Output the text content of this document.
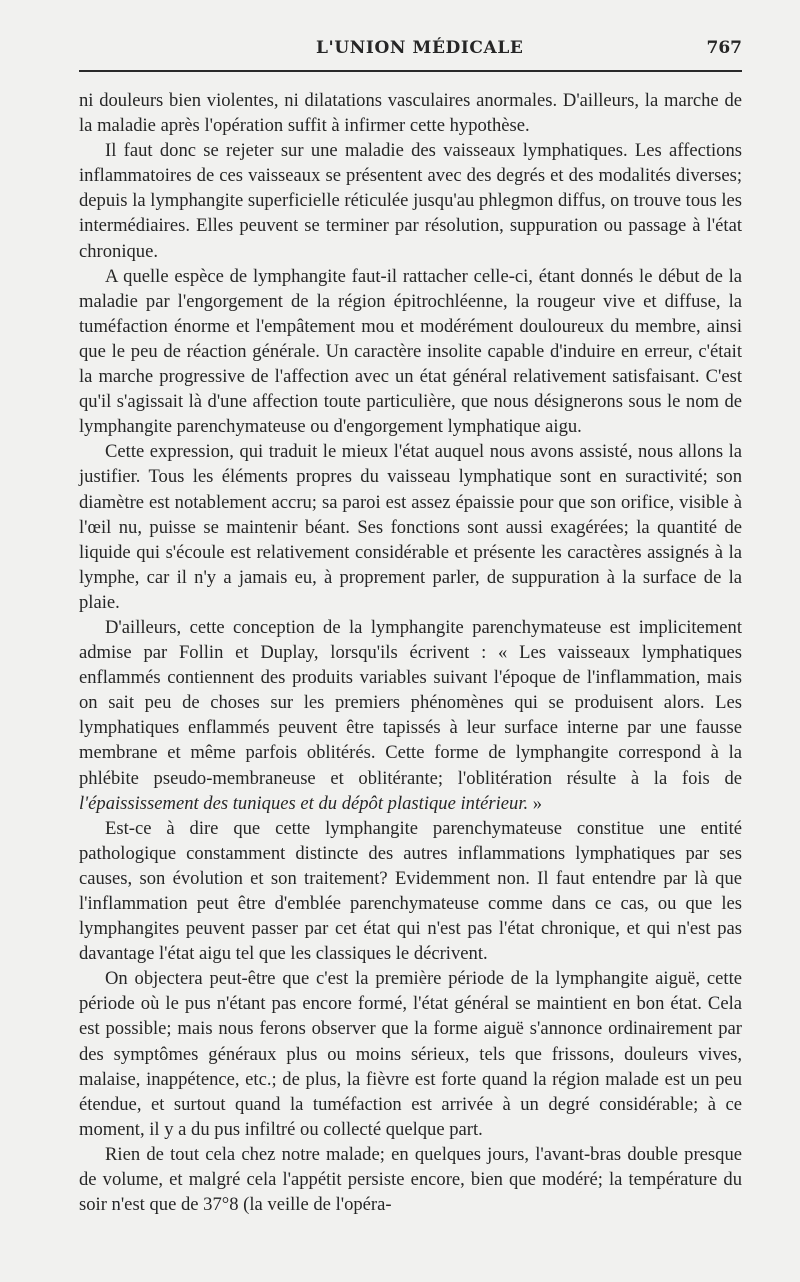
L'UNION MÉDICALE	767

ni douleurs bien violentes, ni dilatations vasculaires anormales. D'ailleurs, la marche de la maladie après l'opération suffit à infirmer cette hypothèse.

Il faut donc se rejeter sur une maladie des vaisseaux lymphatiques. Les affections inflammatoires de ces vaisseaux se présentent avec des degrés et des modalités diverses; depuis la lymphangite superficielle réticulée jusqu'au phlegmon diffus, on trouve tous les intermédiaires. Elles peuvent se terminer par résolution, suppuration ou passage à l'état chronique.

A quelle espèce de lymphangite faut-il rattacher celle-ci, étant donnés le début de la maladie par l'engorgement de la région épitrochléenne, la rougeur vive et diffuse, la tuméfaction énorme et l'empâtement mou et modérément douloureux du membre, ainsi que le peu de réaction générale. Un caractère insolite capable d'induire en erreur, c'était la marche progressive de l'affection avec un état général relativement satisfaisant. C'est qu'il s'agissait là d'une affection toute particulière, que nous désignerons sous le nom de lymphangite parenchymateuse ou d'engorgement lymphatique aigu.

Cette expression, qui traduit le mieux l'état auquel nous avons assisté, nous allons la justifier. Tous les éléments propres du vaisseau lymphatique sont en suractivité; son diamètre est notablement accru; sa paroi est assez épaissie pour que son orifice, visible à l'œil nu, puisse se maintenir béant. Ses fonctions sont aussi exagérées; la quantité de liquide qui s'écoule est relativement considérable et présente les caractères assignés à la lymphe, car il n'y a jamais eu, à proprement parler, de suppuration à la surface de la plaie.

D'ailleurs, cette conception de la lymphangite parenchymateuse est implicitement admise par Follin et Duplay, lorsqu'ils écrivent : « Les vaisseaux lymphatiques enflammés contiennent des produits variables suivant l'époque de l'inflammation, mais on sait peu de choses sur les premiers phénomènes qui se produisent alors. Les lymphatiques enflammés peuvent être tapissés à leur surface interne par une fausse membrane et même parfois oblitérés. Cette forme de lymphangite correspond à la phlébite pseudo-membraneuse et oblitérante; l'oblitération résulte à la fois de l'épaississement des tuniques et du dépôt plastique intérieur. »

Est-ce à dire que cette lymphangite parenchymateuse constitue une entité pathologique constamment distincte des autres inflammations lymphatiques par ses causes, son évolution et son traitement? Evidemment non. Il faut entendre par là que l'inflammation peut être d'emblée parenchymateuse comme dans ce cas, ou que les lymphangites peuvent passer par cet état qui n'est pas l'état chronique, et qui n'est pas davantage l'état aigu tel que les classiques le décrivent.

On objectera peut-être que c'est la première période de la lymphangite aiguë, cette période où le pus n'étant pas encore formé, l'état général se maintient en bon état. Cela est possible; mais nous ferons observer que la forme aiguë s'annonce ordinairement par des symptômes généraux plus ou moins sérieux, tels que frissons, douleurs vives, malaise, inappétence, etc.; de plus, la fièvre est forte quand la région malade est un peu étendue, et surtout quand la tuméfaction est arrivée à un degré considérable; à ce moment, il y a du pus infiltré ou collecté quelque part.

Rien de tout cela chez notre malade; en quelques jours, l'avant-bras double presque de volume, et malgré cela l'appétit persiste encore, bien que modéré; la température du soir n'est que de 37°8 (la veille de l'opéra-
